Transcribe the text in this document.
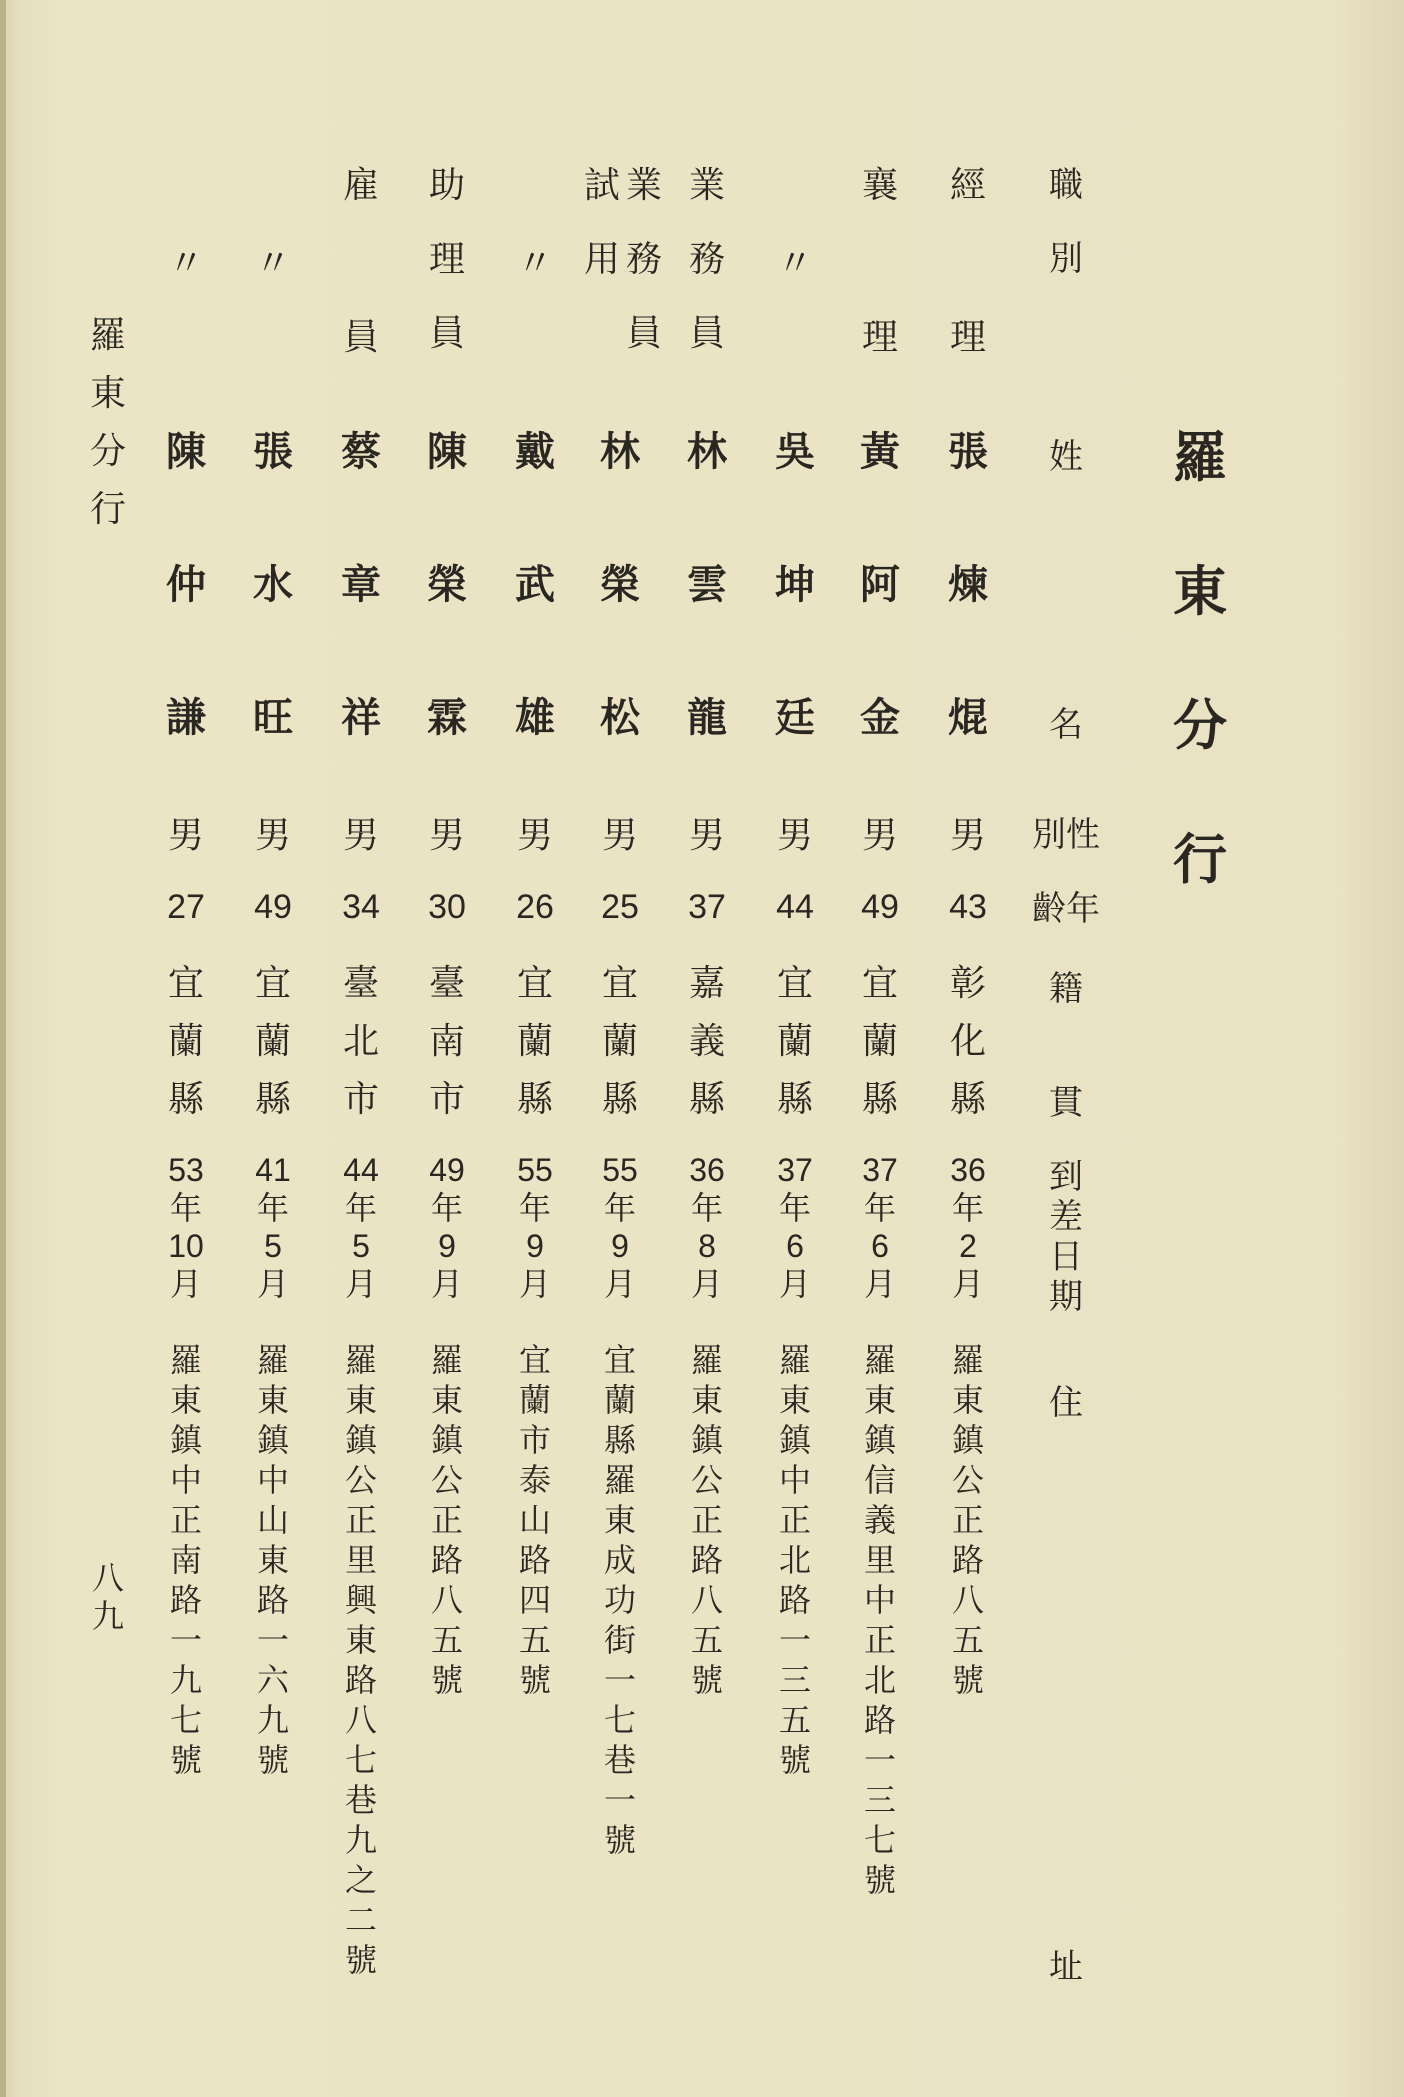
羅
東
分
行
職
別
姓
名
別性
齡年
籍
貫
到
差
日
期
住
址
經
理
張
煉
焜
男
43
彰
化
縣
36
年
2
月
羅
東
鎮
公
正
路
八
五
號
襄
理
黃
阿
金
男
49
宜
蘭
縣
37
年
6
月
羅
東
鎮
信
義
里
中
正
北
路
一
三
七
號
〃
吳
坤
廷
男
44
宜
蘭
縣
37
年
6
月
羅
東
鎮
中
正
北
路
一
三
五
號
業
務
員
林
雲
龍
男
37
嘉
義
縣
36
年
8
月
羅
東
鎮
公
正
路
八
五
號
業
務
員
試
用
林
榮
松
男
25
宜
蘭
縣
55
年
9
月
宜
蘭
縣
羅
東
成
功
街
一
七
巷
一
號
〃
戴
武
雄
男
26
宜
蘭
縣
55
年
9
月
宜
蘭
市
泰
山
路
四
五
號
助
理
員
陳
榮
霖
男
30
臺
南
市
49
年
9
月
羅
東
鎮
公
正
路
八
五
號
雇
員
蔡
章
祥
男
34
臺
北
市
44
年
5
月
羅
東
鎮
公
正
里
興
東
路
八
七
巷
九
之
二
號
〃
張
水
旺
男
49
宜
蘭
縣
41
年
5
月
羅
東
鎮
中
山
東
路
一
六
九
號
〃
陳
仲
謙
男
27
宜
蘭
縣
53
年
10
月
羅
東
鎮
中
正
南
路
一
九
七
號
羅
東
分
行
八
九
